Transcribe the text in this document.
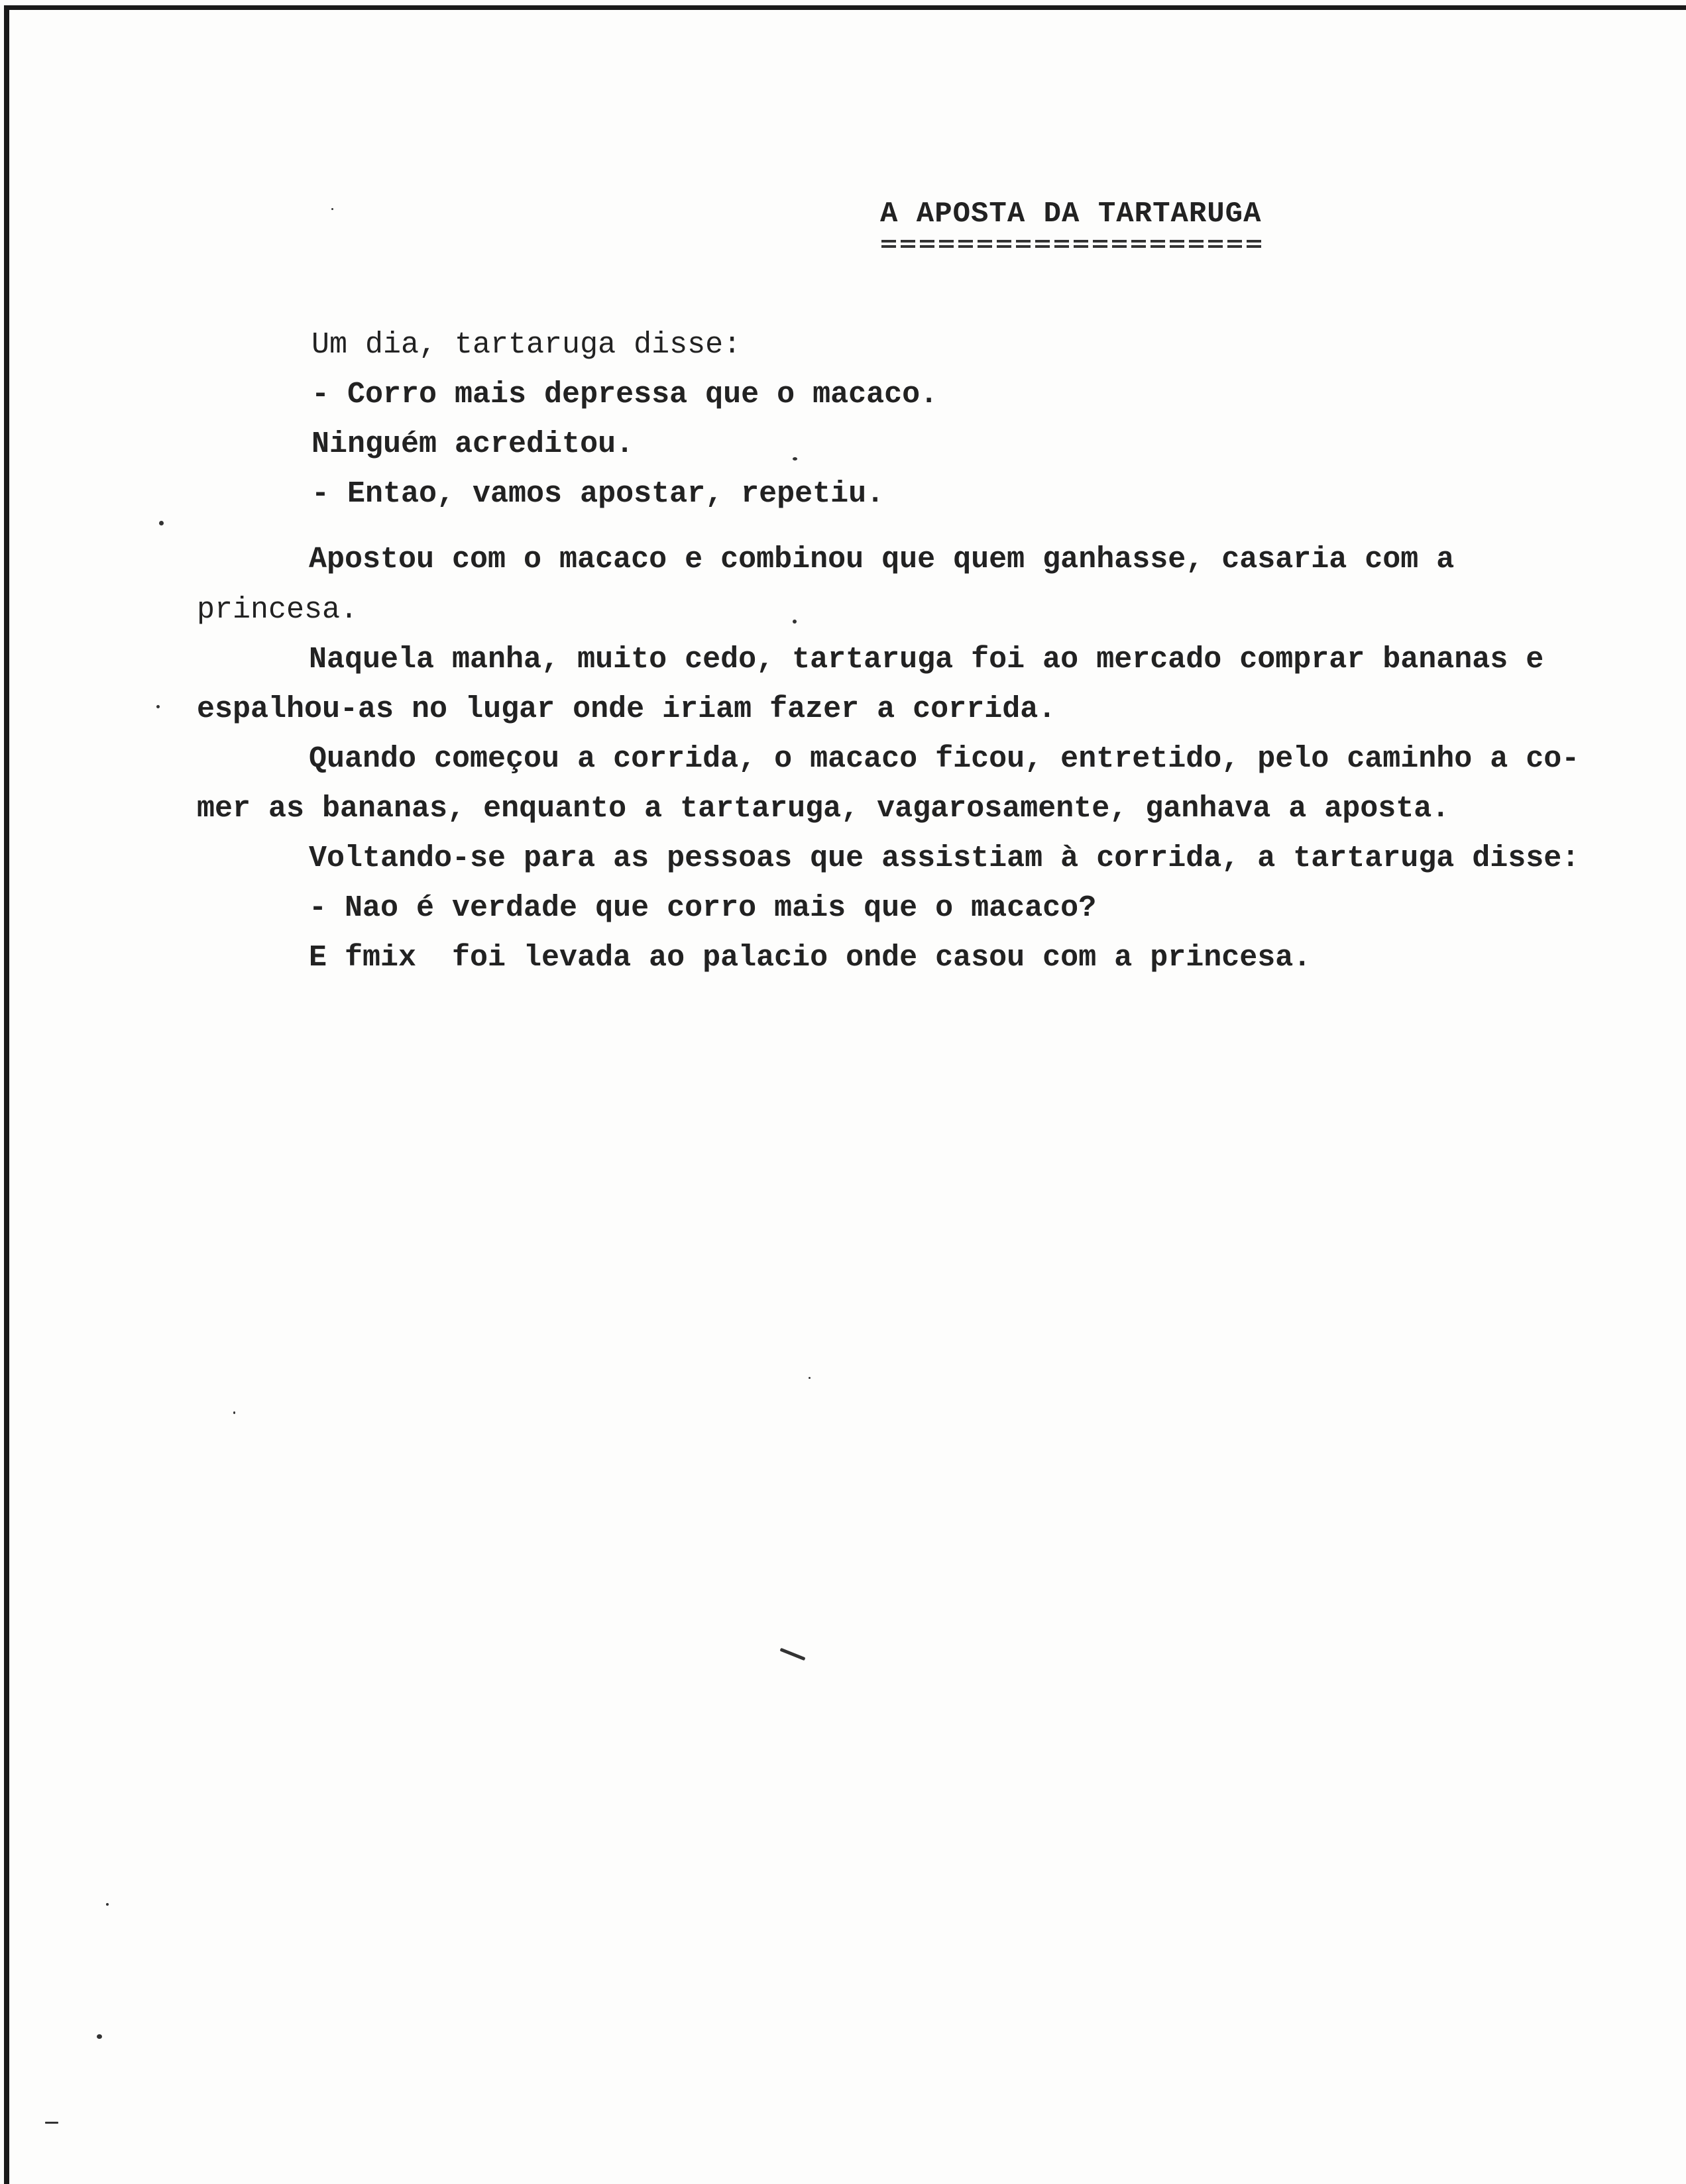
A APOSTA DA TARTARUGA
Um dia, tartaruga disse:
- Corro mais depressa que o macaco.
Ninguém acreditou.
- Entao, vamos apostar, repetiu.
Apostou com o macaco e combinou que quem ganhasse, casaria com a
princesa.
Naquela manha, muito cedo, tartaruga foi ao mercado comprar bananas e
espalhou-as no lugar onde iriam fazer a corrida.
Quando começou a corrida, o macaco ficou, entretido, pelo caminho a co-
mer as bananas, enquanto a tartaruga, vagarosamente, ganhava a aposta.
Voltando-se para as pessoas que assistiam à corrida, a tartaruga disse:
- Nao é verdade que corro mais que o macaco?
E fmix  foi levada ao palacio onde casou com a princesa.
